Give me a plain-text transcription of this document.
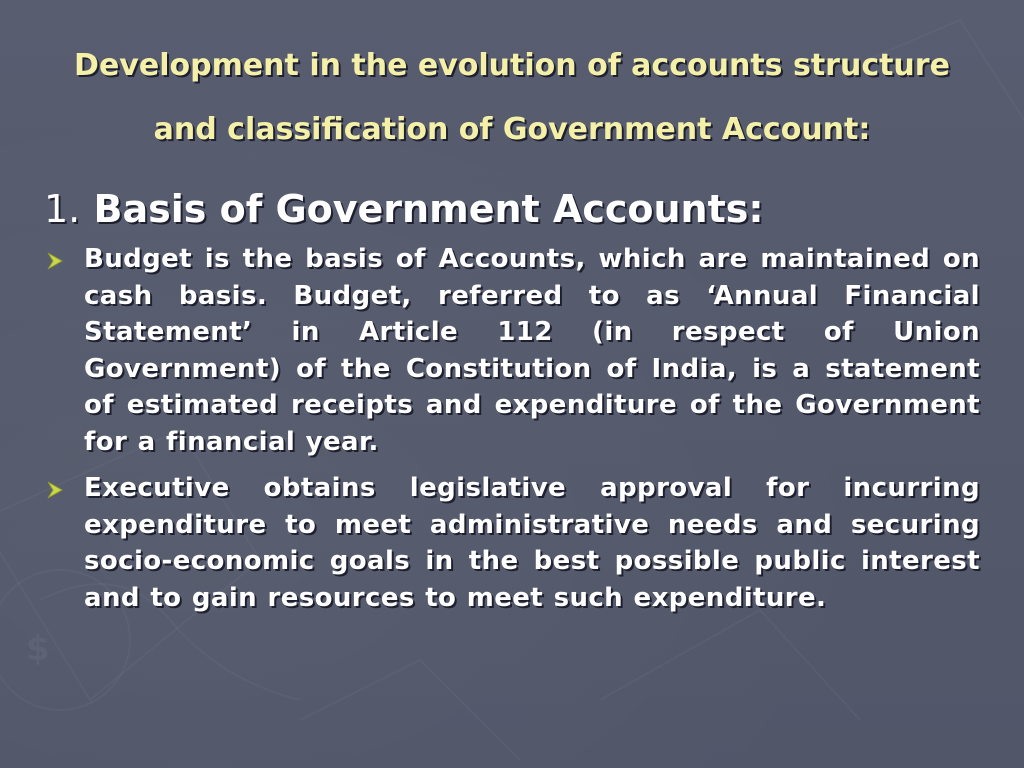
$
Development in the evolution of accounts structure
and classification of Government Account:
1. Basis of Government Accounts:
Budget is the basis of Accounts, which are maintained on cash basis. Budget, referred to as ‘Annual Financial Statement’ in Article 112 (in respect of Union Government) of the Constitution of India, is a statement of estimated receipts and expenditure of the Government for a financial year.
Executive obtains legislative approval for incurring expenditure to meet administrative needs and securing socio-economic goals in the best possible public interest and to gain resources to meet such expenditure.
